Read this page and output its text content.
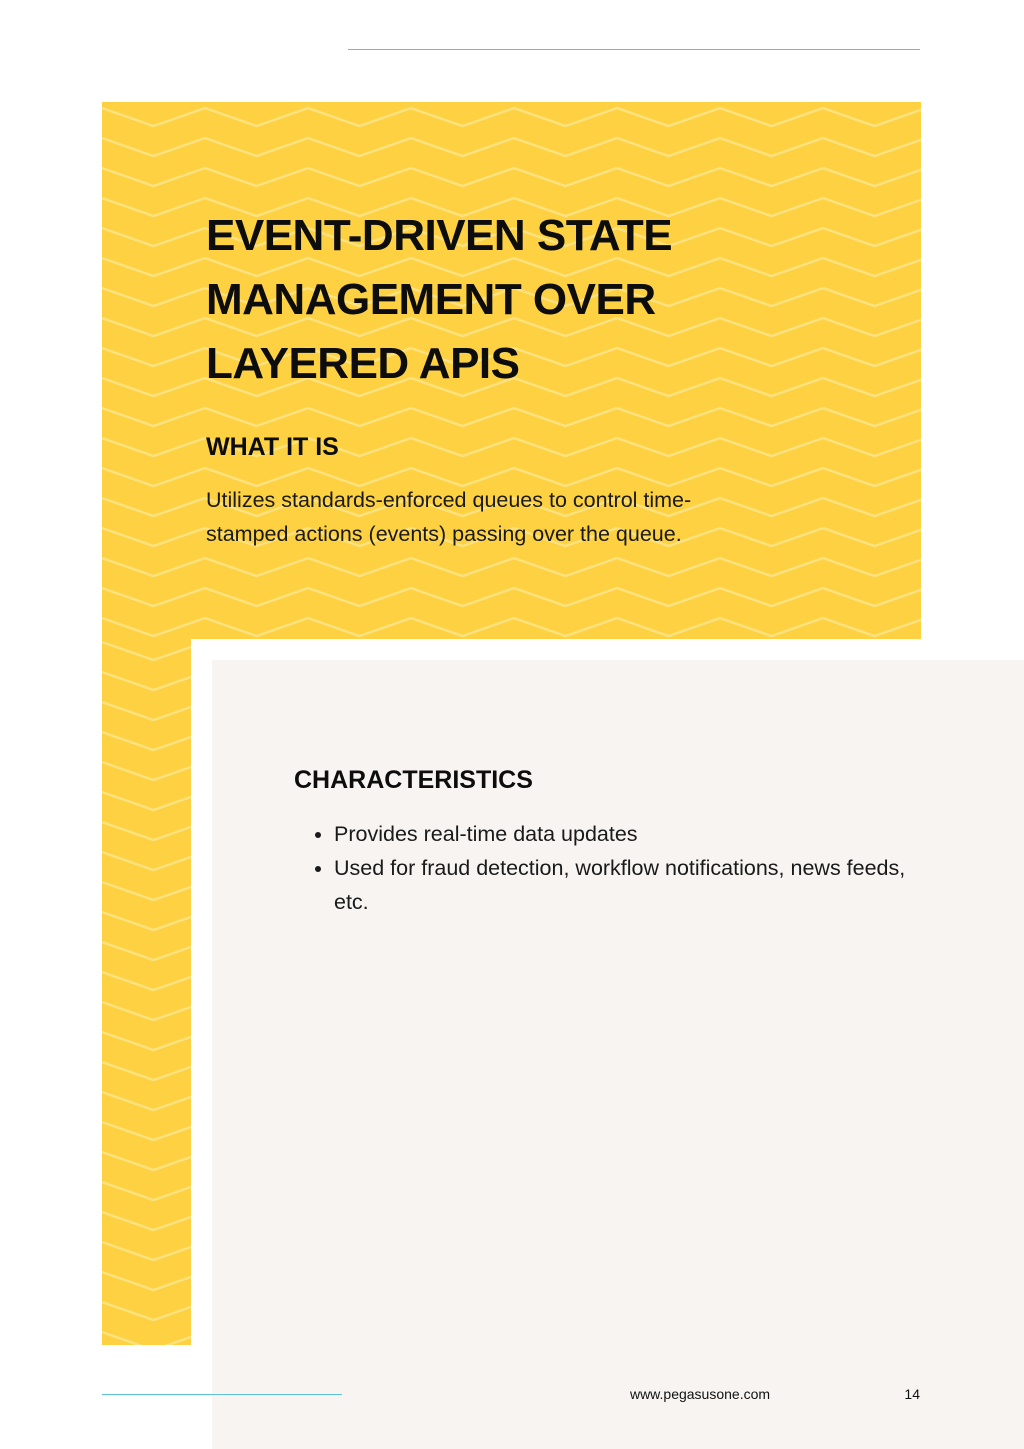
EVENT-DRIVEN STATE MANAGEMENT OVER LAYERED APIS
WHAT IT IS

Utilizes standards-enforced queues to control time-stamped actions (events) passing over the queue.

CHARACTERISTICS
• Provides real-time data updates
• Used for fraud detection, workflow notifications, news feeds, etc.
www.pegasusone.com	14
